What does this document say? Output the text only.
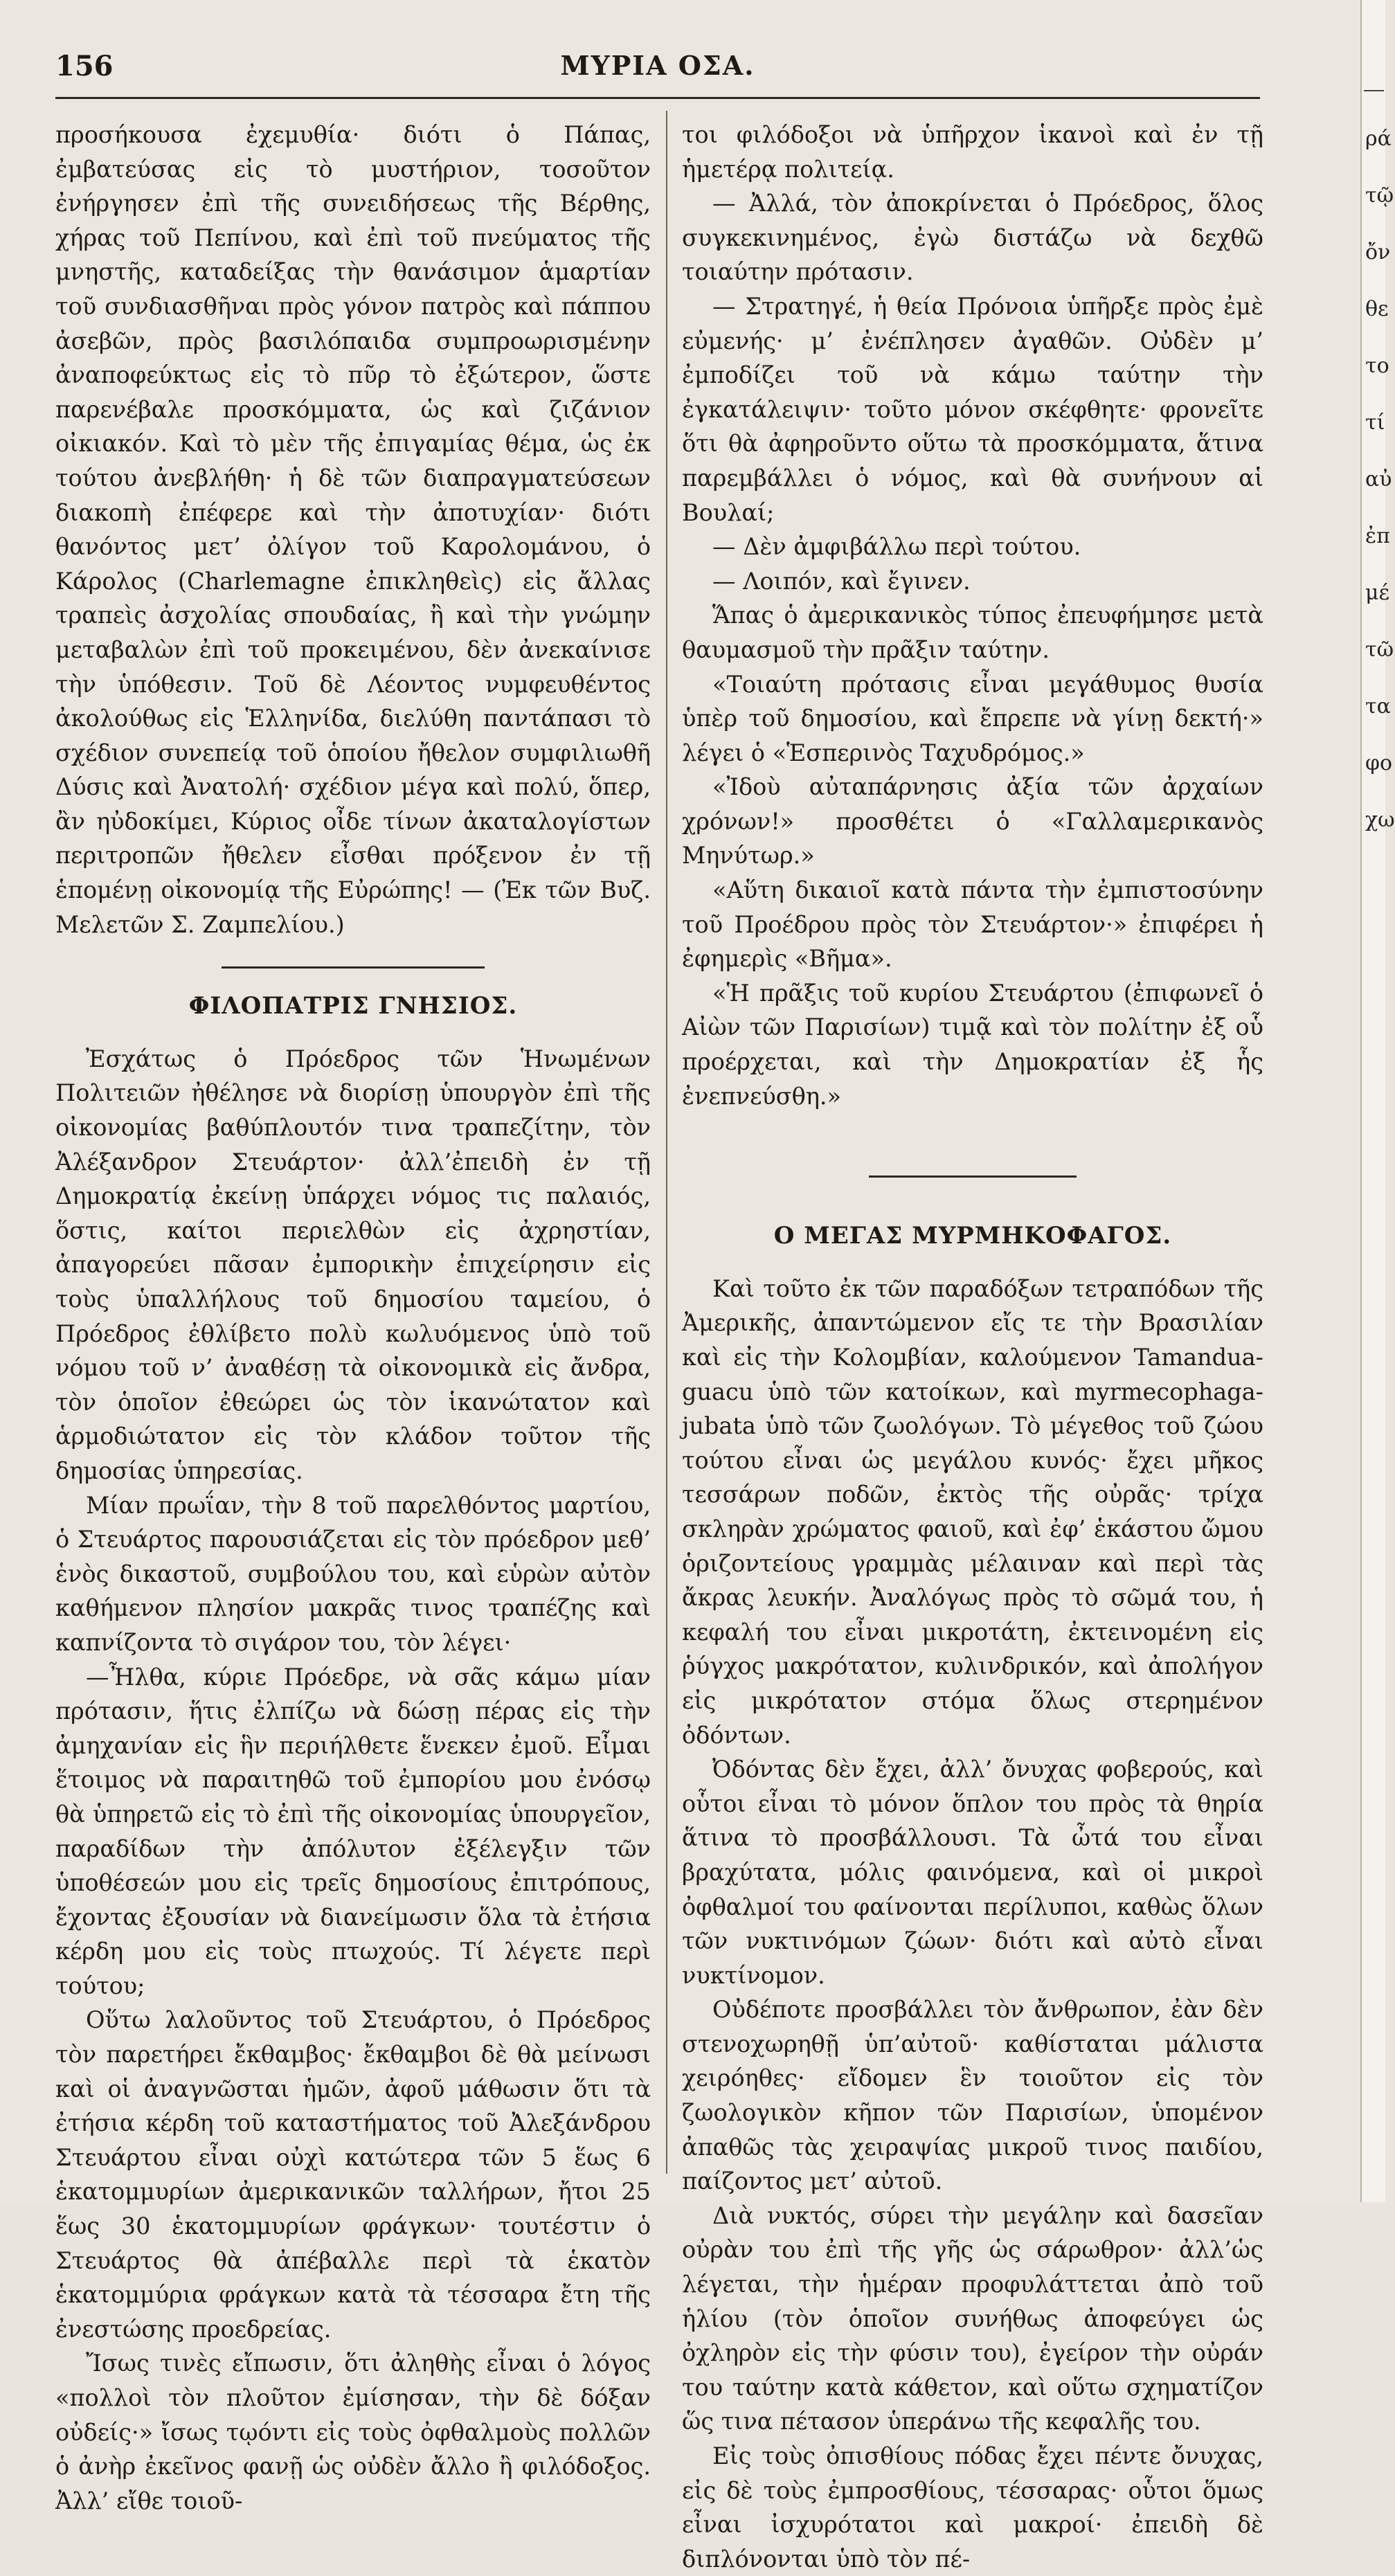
156	ΜΥΡΙΑ ΟΣΑ.

προσήκουσα ἐχεμυθία· διότι ὁ Πάπας, ἐμβατεύσας εἰς τὸ μυστήριον, τοσοῦτον ἐνήργησεν ἐπὶ τῆς συνειδήσεως τῆς Βέρθης, χήρας τοῦ Πεπίνου, καὶ ἐπὶ τοῦ πνεύματος τῆς μνηστῆς, καταδείξας τὴν θανάσιμον ἁμαρτίαν τοῦ συνδιασθῆναι πρὸς γόνον πατρὸς καὶ πάππου ἀσεβῶν, πρὸς βασιλόπαιδα συμπροωρισμένην ἀναποφεύκτως εἰς τὸ πῦρ τὸ ἐξώτερον, ὥστε παρενέβαλε προσκόμματα, ὡς καὶ ζιζάνιον οἰκιακόν. Καὶ τὸ μὲν τῆς ἐπιγαμίας θέμα, ὡς ἐκ τούτου ἀνεβλήθη· ἡ δὲ τῶν διαπραγματεύσεων διακοπὴ ἐπέφερε καὶ τὴν ἀποτυχίαν· διότι θανόντος μετ’ ὀλίγον τοῦ Καρολομάνου, ὁ Κάρολος (Charlemagne ἐπικληθεὶς) εἰς ἄλλας τραπεὶς ἀσχολίας σπουδαίας, ἢ καὶ τὴν γνώμην μεταβαλὼν ἐπὶ τοῦ προκειμένου, δὲν ἀνεκαίνισε τὴν ὑπόθεσιν. Τοῦ δὲ Λέοντος νυμφευθέντος ἀκολούθως εἰς Ἑλληνίδα, διελύθη παντάπασι τὸ σχέδιον συνεπείᾳ τοῦ ὁποίου ἤθελον συμφιλιωθῆ Δύσις καὶ Ἀνατολή· σχέδιον μέγα καὶ πολύ, ὅπερ, ἂν ηὐδοκίμει, Κύριος οἶδε τίνων ἀκαταλογίστων περιτροπῶν ἤθελεν εἶσθαι πρόξενον ἐν τῇ ἑπομένῃ οἰκονομίᾳ τῆς Εὐρώπης! — (Ἐκ τῶν Βυζ. Μελετῶν Σ. Ζαμπελίου.)

ΦΙΛΟΠΑΤΡΙΣ ΓΝΗΣΙΟΣ.

Ἐσχάτως ὁ Πρόεδρος τῶν Ἡνωμένων Πολιτειῶν ἠθέλησε νὰ διορίσῃ ὑπουργὸν ἐπὶ τῆς οἰκονομίας βαθύπλουτόν τινα τραπεζίτην, τὸν Ἀλέξανδρον Στευάρτον· ἀλλ’ἐπειδὴ ἐν τῇ Δημοκρατίᾳ ἐκείνῃ ὑπάρχει νόμος τις παλαιός, ὅστις, καίτοι περιελθὼν εἰς ἀχρηστίαν, ἀπαγορεύει πᾶσαν ἐμπορικὴν ἐπιχείρησιν εἰς τοὺς ὑπαλλήλους τοῦ δημοσίου ταμείου, ὁ Πρόεδρος ἐθλίβετο πολὺ κωλυόμενος ὑπὸ τοῦ νόμου τοῦ ν’ ἀναθέσῃ τὰ οἰκονομικὰ εἰς ἄνδρα, τὸν ὁποῖον ἐθεώρει ὡς τὸν ἱκανώτατον καὶ ἁρμοδιώτατον εἰς τὸν κλάδον τοῦτον τῆς δημοσίας ὑπηρεσίας.

Μίαν πρωΐαν, τὴν 8 τοῦ παρελθόντος μαρτίου, ὁ Στευάρτος παρουσιάζεται εἰς τὸν πρόεδρον μεθ’ ἑνὸς δικαστοῦ, συμβούλου του, καὶ εὑρὼν αὐτὸν καθήμενον πλησίον μακρᾶς τινος τραπέζης καὶ καπνίζοντα τὸ σιγάρον του, τὸν λέγει·

—Ἦλθα, κύριε Πρόεδρε, νὰ σᾶς κάμω μίαν πρότασιν, ἥτις ἐλπίζω νὰ δώσῃ πέρας εἰς τὴν ἀμηχανίαν εἰς ἣν περιήλθετε ἕνεκεν ἐμοῦ. Εἶμαι ἕτοιμος νὰ παραιτηθῶ τοῦ ἐμπορίου μου ἐνόσῳ θὰ ὑπηρετῶ εἰς τὸ ἐπὶ τῆς οἰκονομίας ὑπουργεῖον, παραδίδων τὴν ἀπόλυτον ἐξέλεγξιν τῶν ὑποθέσεών μου εἰς τρεῖς δημοσίους ἐπιτρόπους, ἔχοντας ἐξουσίαν νὰ διανείμωσιν ὅλα τὰ ἐτήσια κέρδη μου εἰς τοὺς πτωχούς. Τί λέγετε περὶ τούτου;

Οὕτω λαλοῦντος τοῦ Στευάρτου, ὁ Πρόεδρος τὸν παρετήρει ἔκθαμβος· ἔκθαμβοι δὲ θὰ μείνωσι καὶ οἱ ἀναγνῶσται ἡμῶν, ἀφοῦ μάθωσιν ὅτι τὰ ἐτήσια κέρδη τοῦ καταστήματος τοῦ Ἀλεξάνδρου Στευάρτου εἶναι οὐχὶ κατώτερα τῶν 5 ἕως 6 ἑκατομμυρίων ἀμερικανικῶν ταλλήρων, ἤτοι 25 ἕως 30 ἑκατομμυρίων φράγκων· τουτέστιν ὁ Στευάρτος θὰ ἀπέβαλλε περὶ τὰ ἑκατὸν ἑκατομμύρια φράγκων κατὰ τὰ τέσσαρα ἔτη τῆς ἐνεστώσης προεδρείας.

Ἴσως τινὲς εἴπωσιν, ὅτι ἀληθὴς εἶναι ὁ λόγος «πολλοὶ τὸν πλοῦτον ἐμίσησαν, τὴν δὲ δόξαν οὐδείς·» ἴσως τῳόντι εἰς τοὺς ὀφθαλμοὺς πολλῶν ὁ ἀνὴρ ἐκεῖνος φανῇ ὡς οὐδὲν ἄλλο ἢ φιλόδοξος. Ἀλλ’ εἴθε τοιοῦ-

τοι φιλόδοξοι νὰ ὑπῆρχον ἱκανοὶ καὶ ἐν τῇ ἡμετέρᾳ πολιτείᾳ.

— Ἀλλά, τὸν ἀποκρίνεται ὁ Πρόεδρος, ὅλος συγκεκινημένος, ἐγὼ διστάζω νὰ δεχθῶ τοιαύτην πρότασιν.

— Στρατηγέ, ἡ θεία Πρόνοια ὑπῆρξε πρὸς ἐμὲ εὐμενής· μ’ ἐνέπλησεν ἀγαθῶν. Οὐδὲν μ’ ἐμποδίζει τοῦ νὰ κάμω ταύτην τὴν ἐγκατάλειψιν· τοῦτο μόνον σκέφθητε· φρονεῖτε ὅτι θὰ ἀφηροῦντο οὕτω τὰ προσκόμματα, ἅτινα παρεμβάλλει ὁ νόμος, καὶ θὰ συνήνουν αἱ Βουλαί;

— Δὲν ἀμφιβάλλω περὶ τούτου.

— Λοιπόν, καὶ ἔγινεν.

Ἅπας ὁ ἀμερικανικὸς τύπος ἐπευφήμησε μετὰ θαυμασμοῦ τὴν πρᾶξιν ταύτην.

«Τοιαύτη πρότασις εἶναι μεγάθυμος θυσία ὑπὲρ τοῦ δημοσίου, καὶ ἔπρεπε νὰ γίνῃ δεκτή·» λέγει ὁ «Ἑσπερινὸς Ταχυδρόμος.»

«Ἰδοὺ αὐταπάρνησις ἀξία τῶν ἀρχαίων χρόνων!» προσθέτει ὁ «Γαλλαμερικανὸς Μηνύτωρ.»

«Αὕτη δικαιοῖ κατὰ πάντα τὴν ἐμπιστοσύνην τοῦ Προέδρου πρὸς τὸν Στευάρτον·» ἐπιφέρει ἡ ἐφημερὶς «Βῆμα».

«Ἡ πρᾶξις τοῦ κυρίου Στευάρτου (ἐπιφωνεῖ ὁ Αἰὼν τῶν Παρισίων) τιμᾷ καὶ τὸν πολίτην ἐξ οὗ προέρχεται, καὶ τὴν Δημοκρατίαν ἐξ ἧς ἐνεπνεύσθη.»

Ο ΜΕΓΑΣ ΜΥΡΜΗΚΟΦΑΓΟΣ.

Καὶ τοῦτο ἐκ τῶν παραδόξων τετραπόδων τῆς Ἀμερικῆς, ἀπαντώμενον εἴς τε τὴν Βρασιλίαν καὶ εἰς τὴν Κολομβίαν, καλούμενον Tamandua-guacu ὑπὸ τῶν κατοίκων, καὶ myrmecophaga-jubata ὑπὸ τῶν ζωολόγων. Τὸ μέγεθος τοῦ ζώου τούτου εἶναι ὡς μεγάλου κυνός· ἔχει μῆκος τεσσάρων ποδῶν, ἐκτὸς τῆς οὐρᾶς· τρίχα σκληρὰν χρώματος φαιοῦ, καὶ ἐφ’ ἑκάστου ὤμου ὁριζοντείους γραμμὰς μέλαιναν καὶ περὶ τὰς ἄκρας λευκήν. Ἀναλόγως πρὸς τὸ σῶμά του, ἡ κεφαλή του εἶναι μικροτάτη, ἐκτεινομένη εἰς ῥύγχος μακρότατον, κυλινδρικόν, καὶ ἀπολήγον εἰς μικρότατον στόμα ὅλως στερημένον ὀδόντων.

Ὀδόντας δὲν ἔχει, ἀλλ’ ὄνυχας φοβερούς, καὶ οὗτοι εἶναι τὸ μόνον ὅπλον του πρὸς τὰ θηρία ἅτινα τὸ προσβάλλουσι. Τὰ ὦτά του εἶναι βραχύτατα, μόλις φαινόμενα, καὶ οἱ μικροὶ ὀφθαλμοί του φαίνονται περίλυποι, καθὼς ὅλων τῶν νυκτινόμων ζώων· διότι καὶ αὐτὸ εἶναι νυκτίνομον.

Οὐδέποτε προσβάλλει τὸν ἄνθρωπον, ἐὰν δὲν στενοχωρηθῇ ὑπ’αὐτοῦ· καθίσταται μάλιστα χειρόηθες· εἴδομεν ἓν τοιοῦτον εἰς τὸν ζωολογικὸν κῆπον τῶν Παρισίων, ὑπομένον ἀπαθῶς τὰς χειραψίας μικροῦ τινος παιδίου, παίζοντος μετ’ αὐτοῦ.

Διὰ νυκτός, σύρει τὴν μεγάλην καὶ δασεῖαν οὐρὰν του ἐπὶ τῆς γῆς ὡς σάρωθρον· ἀλλ’ὡς λέγεται, τὴν ἡμέραν προφυλάττεται ἀπὸ τοῦ ἡλίου (τὸν ὁποῖον συνήθως ἀποφεύγει ὡς ὀχληρὸν εἰς τὴν φύσιν του), ἐγείρον τὴν οὐράν του ταύτην κατὰ κάθετον, καὶ οὕτω σχηματίζον ὥς τινα πέτασον ὑπεράνω τῆς κεφαλῆς του.

Εἰς τοὺς ὀπισθίους πόδας ἔχει πέντε ὄνυχας, εἰς δὲ τοὺς ἐμπροσθίους, τέσσαρας· οὗτοι ὅμως εἶναι ἰσχυρότατοι καὶ μακροί· ἐπειδὴ δὲ διπλόνονται ὑπὸ τὸν πέ-

ρά
τῷ
ὄν
θε
το
τί
αὐ
ἐπ
μέ
τῶ
τα
φο
χω
